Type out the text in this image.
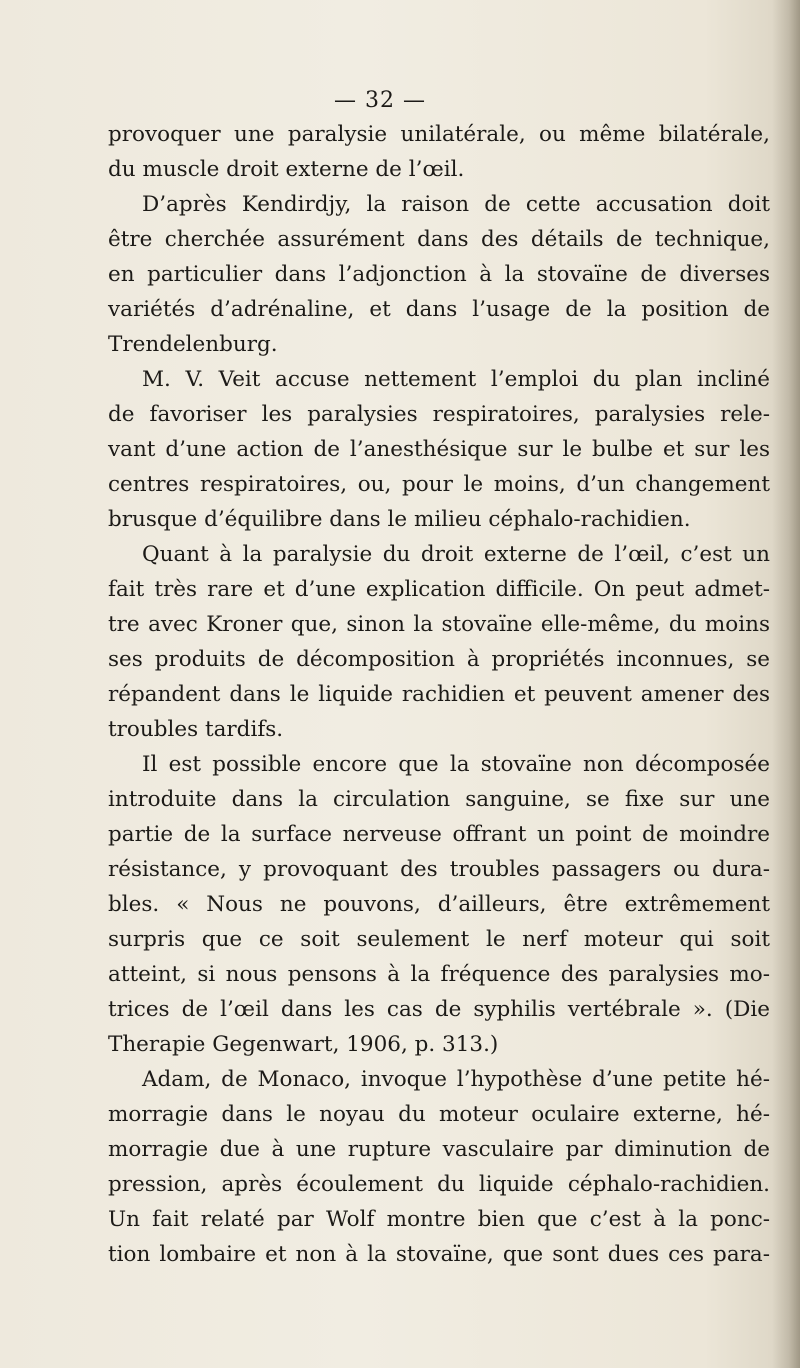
— 32 —
provoquer une paralysie unilatérale, ou même bilatérale,
du muscle droit externe de l’œil.
D’après Kendirdjy, la raison de cette accusation doit
être cherchée assurément dans des détails de technique,
en particulier dans l’adjonction à la stovaïne de diverses
variétés d’adrénaline, et dans l’usage de la position de
Trendelenburg.
M. V. Veit accuse nettement l’emploi du plan incliné
de favoriser les paralysies respiratoires, paralysies rele-
vant d’une action de l’anesthésique sur le bulbe et sur les
centres respiratoires, ou, pour le moins, d’un changement
brusque d’équilibre dans le milieu céphalo-rachidien.
Quant à la paralysie du droit externe de l’œil, c’est un
fait très rare et d’une explication difficile. On peut admet-
tre avec Kroner que, sinon la stovaïne elle-même, du moins
ses produits de décomposition à propriétés inconnues, se
répandent dans le liquide rachidien et peuvent amener des
troubles tardifs.
Il est possible encore que la stovaïne non décomposée
introduite dans la circulation sanguine, se fixe sur une
partie de la surface nerveuse offrant un point de moindre
résistance, y provoquant des troubles passagers ou dura-
bles. « Nous ne pouvons, d’ailleurs, être extrêmement
surpris que ce soit seulement le nerf moteur qui soit
atteint, si nous pensons à la fréquence des paralysies mo-
trices de l’œil dans les cas de syphilis vertébrale ». (Die
Therapie Gegenwart, 1906, p. 313.)
Adam, de Monaco, invoque l’hypothèse d’une petite hé-
morragie dans le noyau du moteur oculaire externe, hé-
morragie due à une rupture vasculaire par diminution de
pression, après écoulement du liquide céphalo-rachidien.
Un fait relaté par Wolf montre bien que c’est à la ponc-
tion lombaire et non à la stovaïne, que sont dues ces para-
